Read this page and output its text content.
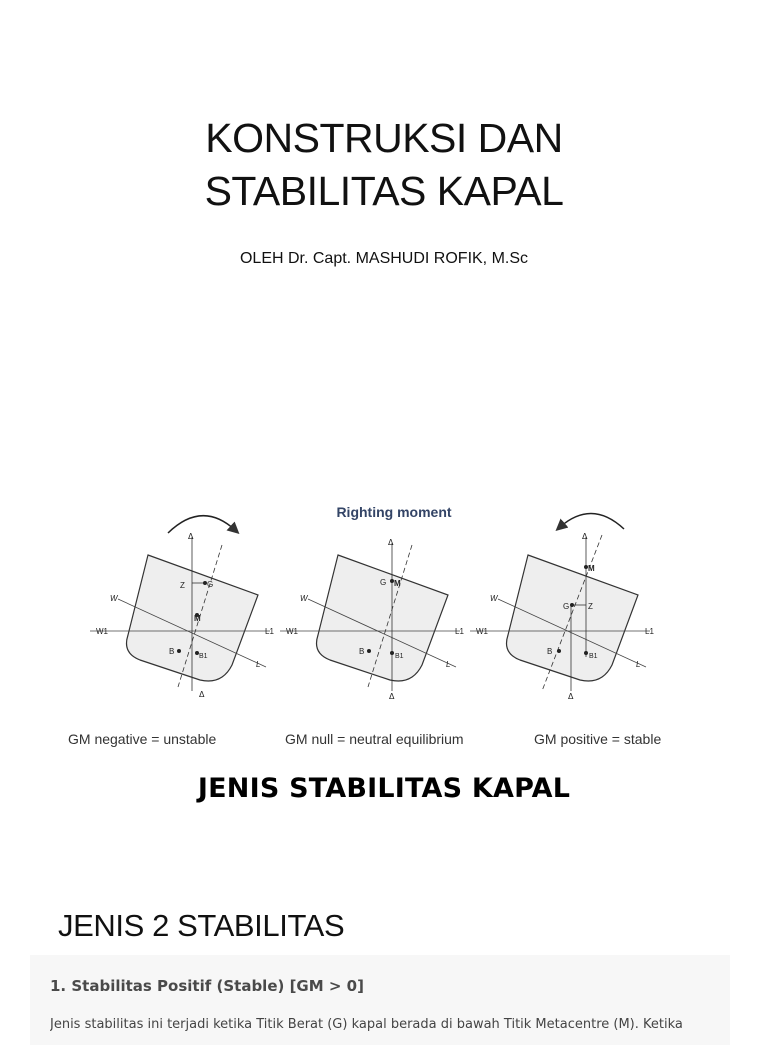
KONSTRUKSI DAN
STABILITAS KAPAL
OLEH Dr. Capt. MASHUDI ROFIK, M.Sc
Righting moment
Z	G
M
B
B1
W1	L1
W
L
Δ
Δ
GM negative = unstable
G M
B
B1
W1	L1
W
L
Δ
Δ
GM null = neutral equilibrium
M
G Z
B
B1
W1	L1
W
L
Δ
Δ
GM positive = stable
JENIS STABILITAS KAPAL
JENIS 2 STABILITAS
1. Stabilitas Positif (Stable) [GM > 0]
Jenis stabilitas ini terjadi ketika Titik Berat (G) kapal berada di bawah Titik Metacentre (M). Ketika
